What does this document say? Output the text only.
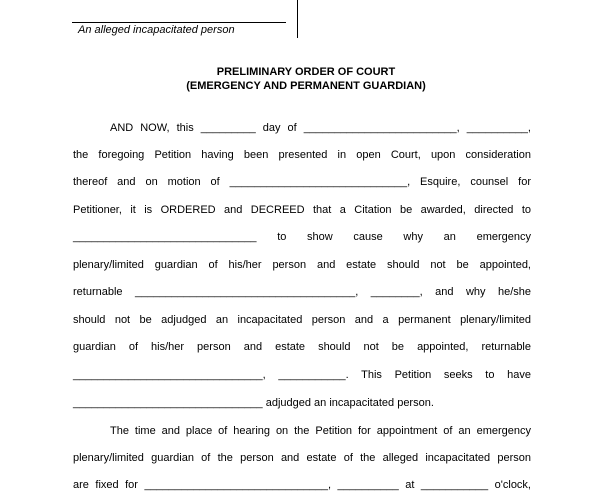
An alleged incapacitated person
PRELIMINARY ORDER OF COURT
(EMERGENCY AND PERMANENT GUARDIAN)
AND NOW, this _________ day of _________________________, __________,
the foregoing Petition having been presented in open Court, upon consideration
thereof and on motion of _____________________________, Esquire, counsel for
Petitioner, it is ORDERED and DECREED that a Citation be awarded, directed to
______________________________ to show cause why an emergency
plenary/limited guardian of his/her person and estate should not be appointed,
returnable ____________________________________, ________, and why he/she
should not be adjudged an incapacitated person and a permanent plenary/limited
guardian of his/her person and estate should not be appointed, returnable
_______________________________, ___________. This Petition seeks to have
_______________________________ adjudged an incapacitated person.
The time and place of hearing on the Petition for appointment of an emergency
plenary/limited guardian of the person and estate of the alleged incapacitated person
are fixed for ______________________________, __________ at ___________ o'clock,
